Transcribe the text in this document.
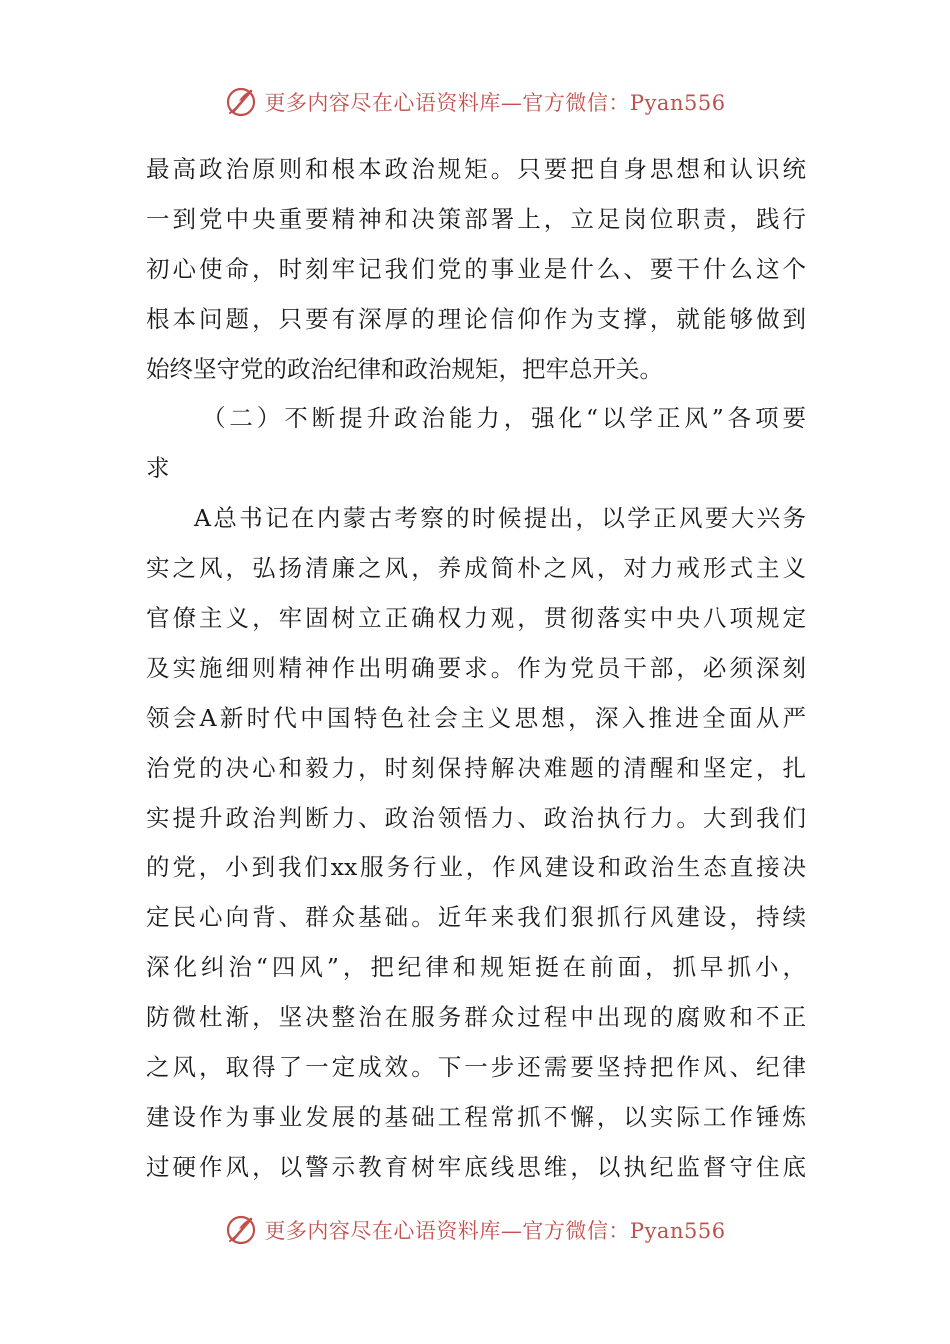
更多内容尽在心语资料库—官方微信：Pyan556
最高政治原则和根本政治规矩。只要把自身思想和认识统
一到党中央重要精神和决策部署上，立足岗位职责，践行
初心使命，时刻牢记我们党的事业是什么、要干什么这个
根本问题，只要有深厚的理论信仰作为支撑，就能够做到
始终坚守党的政治纪律和政治规矩，把牢总开关。
（二）不断提升政治能力，强化“以学正风”各项要
求
A总书记在内蒙古考察的时候提出，以学正风要大兴务
实之风，弘扬清廉之风，养成简朴之风，对力戒形式主义
官僚主义，牢固树立正确权力观，贯彻落实中央八项规定
及实施细则精神作出明确要求。作为党员干部，必须深刻
领会A新时代中国特色社会主义思想，深入推进全面从严
治党的决心和毅力，时刻保持解决难题的清醒和坚定，扎
实提升政治判断力、政治领悟力、政治执行力。大到我们
的党，小到我们xx服务行业，作风建设和政治生态直接决
定民心向背、群众基础。近年来我们狠抓行风建设，持续
深化纠治“四风”，把纪律和规矩挺在前面，抓早抓小，
防微杜渐，坚决整治在服务群众过程中出现的腐败和不正
之风，取得了一定成效。下一步还需要坚持把作风、纪律
建设作为事业发展的基础工程常抓不懈，以实际工作锤炼
过硬作风，以警示教育树牢底线思维，以执纪监督守住底
更多内容尽在心语资料库—官方微信：Pyan556
